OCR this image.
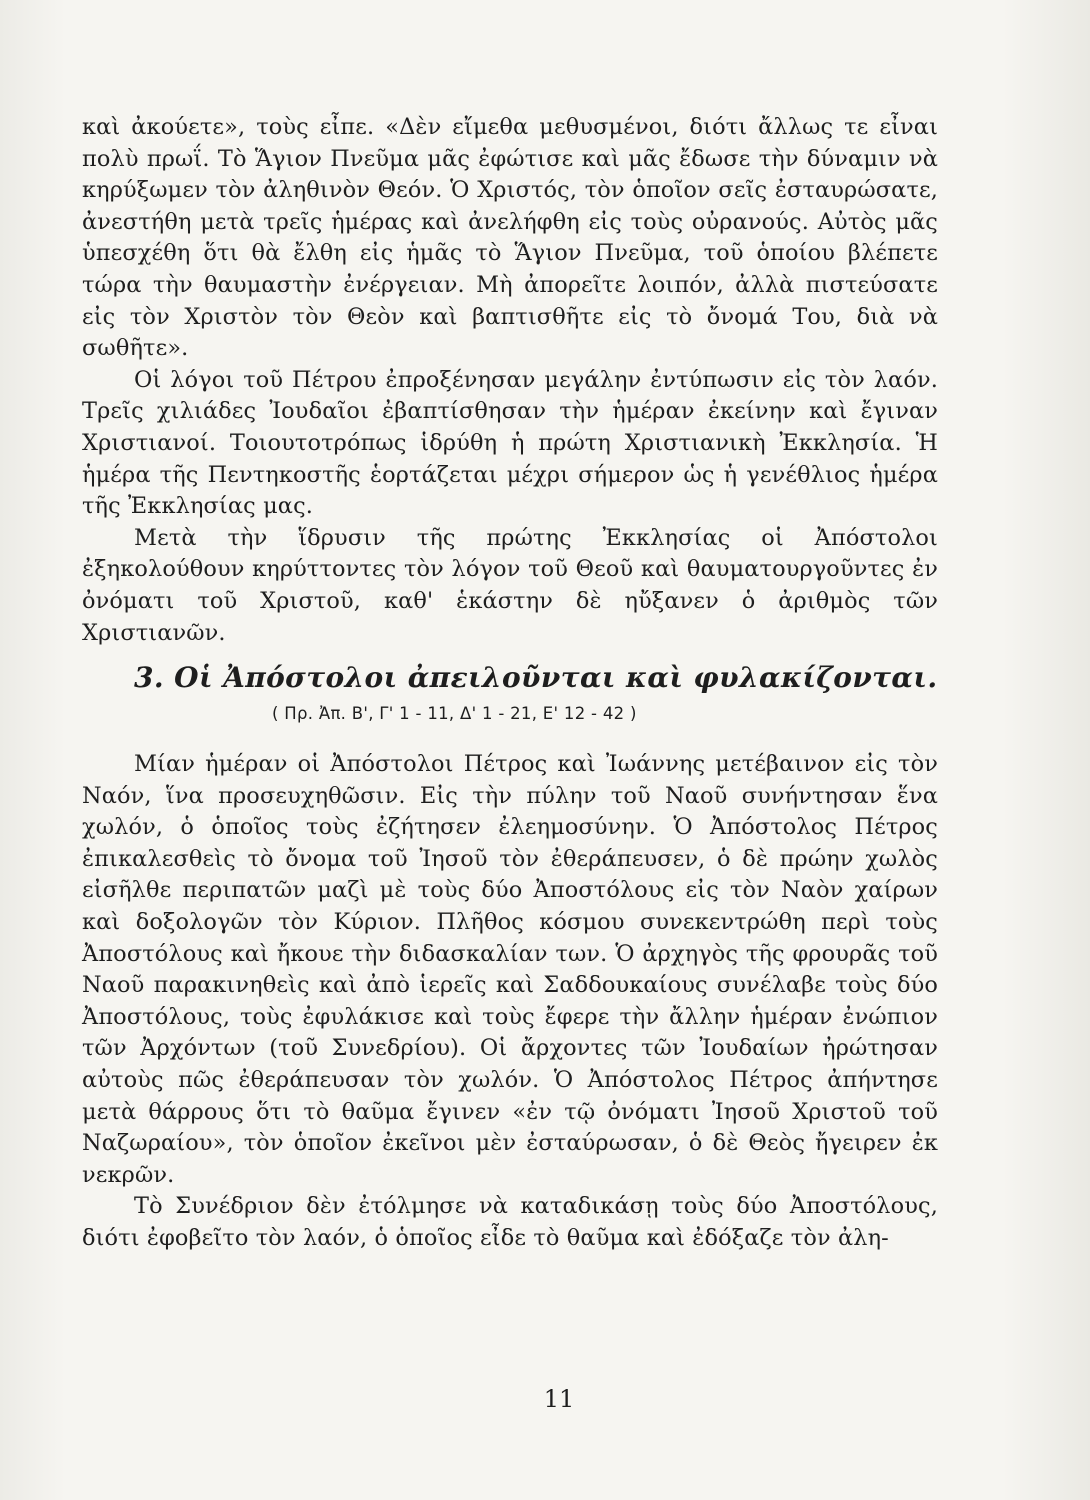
καὶ ἀκούετε», τοὺς εἶπε. «Δὲν εἴμεθα μεθυσμένοι, διότι ἄλλως τε εἶναι πολὺ πρωΐ. Τὸ Ἅγιον Πνεῦμα μᾶς ἐφώτισε καὶ μᾶς ἔδωσε τὴν δύναμιν νὰ κηρύξωμεν τὸν ἀληθινὸν Θεόν. Ὁ Χριστός, τὸν ὁποῖον σεῖς ἐσταυρώσατε, ἀνεστήθη μετὰ τρεῖς ἡμέρας καὶ ἀνελήφθη εἰς τοὺς οὐρανούς. Αὐτὸς μᾶς ὑπεσχέθη ὅτι θὰ ἔλθη εἰς ἡμᾶς τὸ Ἅγιον Πνεῦμα, τοῦ ὁποίου βλέπετε τώρα τὴν θαυμαστὴν ἐνέργειαν. Μὴ ἀπορεῖτε λοιπόν, ἀλλὰ πιστεύσατε εἰς τὸν Χριστὸν τὸν Θεὸν καὶ βαπτισθῆτε εἰς τὸ ὄνομά Του, διὰ νὰ σωθῆτε».

Οἱ λόγοι τοῦ Πέτρου ἐπροξένησαν μεγάλην ἐντύπωσιν εἰς τὸν λαόν. Τρεῖς χιλιάδες Ἰουδαῖοι ἐβαπτίσθησαν τὴν ἡμέραν ἐκείνην καὶ ἔγιναν Χριστιανοί. Τοιουτοτρόπως ἱδρύθη ἡ πρώτη Χριστιανικὴ Ἐκκλησία. Ἡ ἡμέρα τῆς Πεντηκοστῆς ἑορτάζεται μέχρι σήμερον ὡς ἡ γενέθλιος ἡμέρα τῆς Ἐκκλησίας μας.

Μετὰ τὴν ἵδρυσιν τῆς πρώτης Ἐκκλησίας οἱ Ἀπόστολοι ἐξηκολούθουν κηρύττοντες τὸν λόγον τοῦ Θεοῦ καὶ θαυματουργοῦντες ἐν ὀνόματι τοῦ Χριστοῦ, καθ' ἑκάστην δὲ ηὔξανεν ὁ ἀριθμὸς τῶν Χριστιανῶν.

3. Οἱ Ἀπόστολοι ἀπειλοῦνται καὶ φυλακίζονται.
( Πρ. Ἀπ. Β', Γ' 1 - 11, Δ' 1 - 21, Ε' 12 - 42 )

Μίαν ἡμέραν οἱ Ἀπόστολοι Πέτρος καὶ Ἰωάννης μετέβαινον εἰς τὸν Ναόν, ἵνα προσευχηθῶσιν. Εἰς τὴν πύλην τοῦ Ναοῦ συνήντησαν ἕνα χωλόν, ὁ ὁποῖος τοὺς ἐζήτησεν ἐλεημοσύνην. Ὁ Ἀπόστολος Πέτρος ἐπικαλεσθεὶς τὸ ὄνομα τοῦ Ἰησοῦ τὸν ἐθεράπευσεν, ὁ δὲ πρώην χωλὸς εἰσῆλθε περιπατῶν μαζὶ μὲ τοὺς δύο Ἀποστόλους εἰς τὸν Ναὸν χαίρων καὶ δοξολογῶν τὸν Κύριον. Πλῆθος κόσμου συνεκεντρώθη περὶ τοὺς Ἀποστόλους καὶ ἤκουε τὴν διδασκαλίαν των. Ὁ ἀρχηγὸς τῆς φρουρᾶς τοῦ Ναοῦ παρακινηθεὶς καὶ ἀπὸ ἱερεῖς καὶ Σαδδουκαίους συνέλαβε τοὺς δύο Ἀποστόλους, τοὺς ἐφυλάκισε καὶ τοὺς ἔφερε τὴν ἄλλην ἡμέραν ἐνώπιον τῶν Ἀρχόντων (τοῦ Συνεδρίου). Οἱ ἄρχοντες τῶν Ἰουδαίων ἠρώτησαν αὐτοὺς πῶς ἐθεράπευσαν τὸν χωλόν. Ὁ Ἀπόστολος Πέτρος ἀπήντησε μετὰ θάρρους ὅτι τὸ θαῦμα ἔγινεν «ἐν τῷ ὀνόματι Ἰησοῦ Χριστοῦ τοῦ Ναζωραίου», τὸν ὁποῖον ἐκεῖνοι μὲν ἐσταύρωσαν, ὁ δὲ Θεὸς ἤγειρεν ἐκ νεκρῶν.

Τὸ Συνέδριον δὲν ἐτόλμησε νὰ καταδικάσῃ τοὺς δύο Ἀποστόλους, διότι ἐφοβεῖτο τὸν λαόν, ὁ ὁποῖος εἶδε τὸ θαῦμα καὶ ἐδόξαζε τὸν ἀλη-

11
